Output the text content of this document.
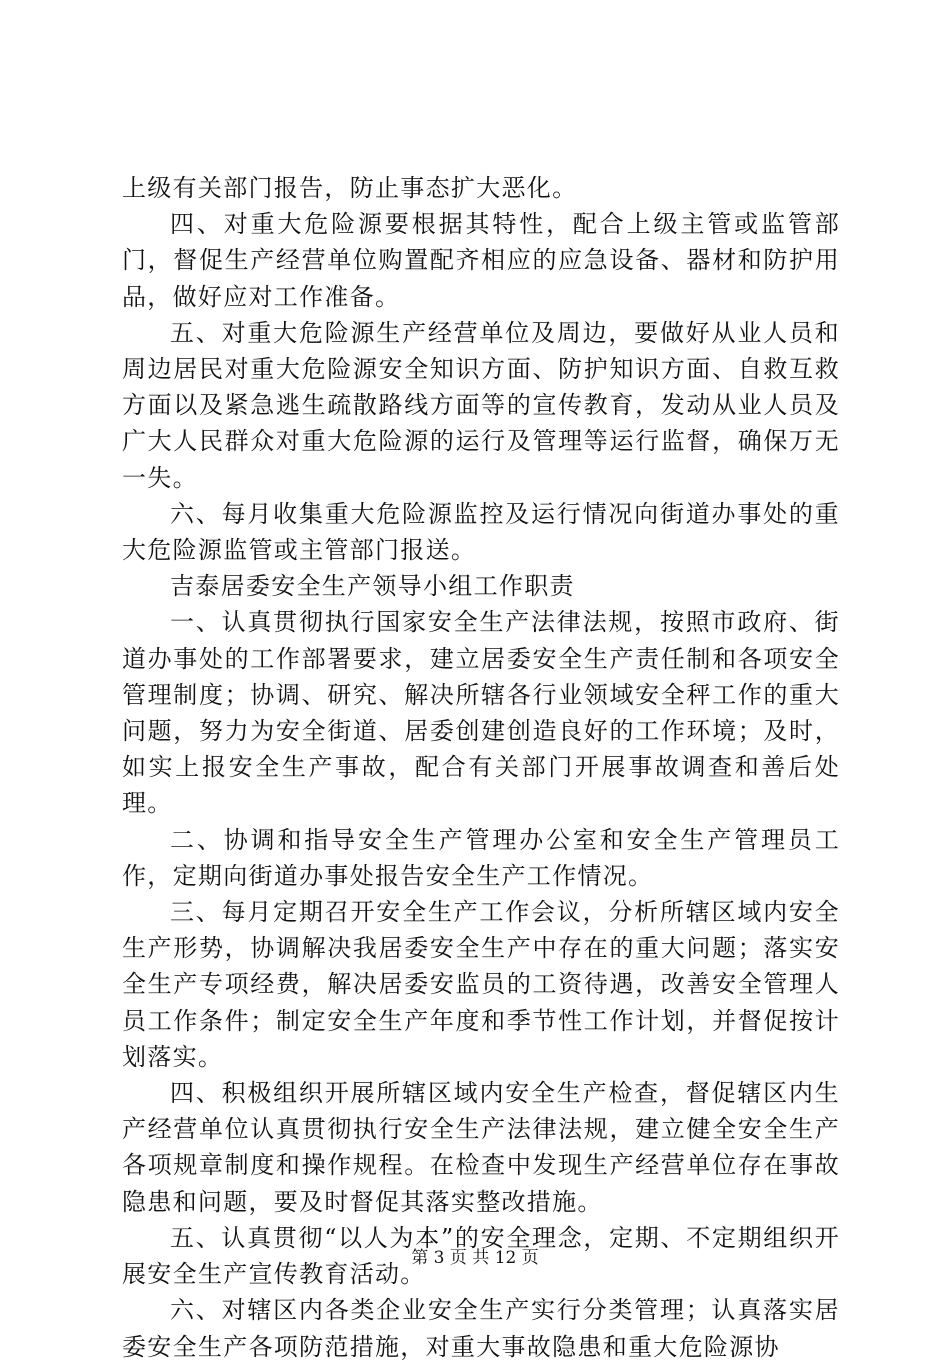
上级有关部门报告，防止事态扩大恶化。

四、对重大危险源要根据其特性，配合上级主管或监管部门，督促生产经营单位购置配齐相应的应急设备、器材和防护用品，做好应对工作准备。

五、对重大危险源生产经营单位及周边，要做好从业人员和周边居民对重大危险源安全知识方面、防护知识方面、自救互救方面以及紧急逃生疏散路线方面等的宣传教育，发动从业人员及广大人民群众对重大危险源的运行及管理等运行监督，确保万无一失。

六、每月收集重大危险源监控及运行情况向街道办事处的重大危险源监管或主管部门报送。

吉泰居委安全生产领导小组工作职责

一、认真贯彻执行国家安全生产法律法规，按照市政府、街道办事处的工作部署要求，建立居委安全生产责任制和各项安全管理制度；协调、研究、解决所辖各行业领域安全秤工作的重大问题，努力为安全街道、居委创建创造良好的工作环境；及时，如实上报安全生产事故，配合有关部门开展事故调查和善后处理。

二、协调和指导安全生产管理办公室和安全生产管理员工作，定期向街道办事处报告安全生产工作情况。

三、每月定期召开安全生产工作会议，分析所辖区域内安全生产形势，协调解决我居委安全生产中存在的重大问题；落实安全生产专项经费，解决居委安监员的工资待遇，改善安全管理人员工作条件；制定安全生产年度和季节性工作计划，并督促按计划落实。

四、积极组织开展所辖区域内安全生产检查，督促辖区内生产经营单位认真贯彻执行安全生产法律法规，建立健全安全生产各项规章制度和操作规程。在检查中发现生产经营单位存在事故隐患和问题，要及时督促其落实整改措施。

五、认真贯彻“以人为本”的安全理念，定期、不定期组织开展安全生产宣传教育活动。

六、对辖区内各类企业安全生产实行分类管理；认真落实居委安全生产各项防范措施，对重大事故隐患和重大危险源协

第 3 页 共 12 页
